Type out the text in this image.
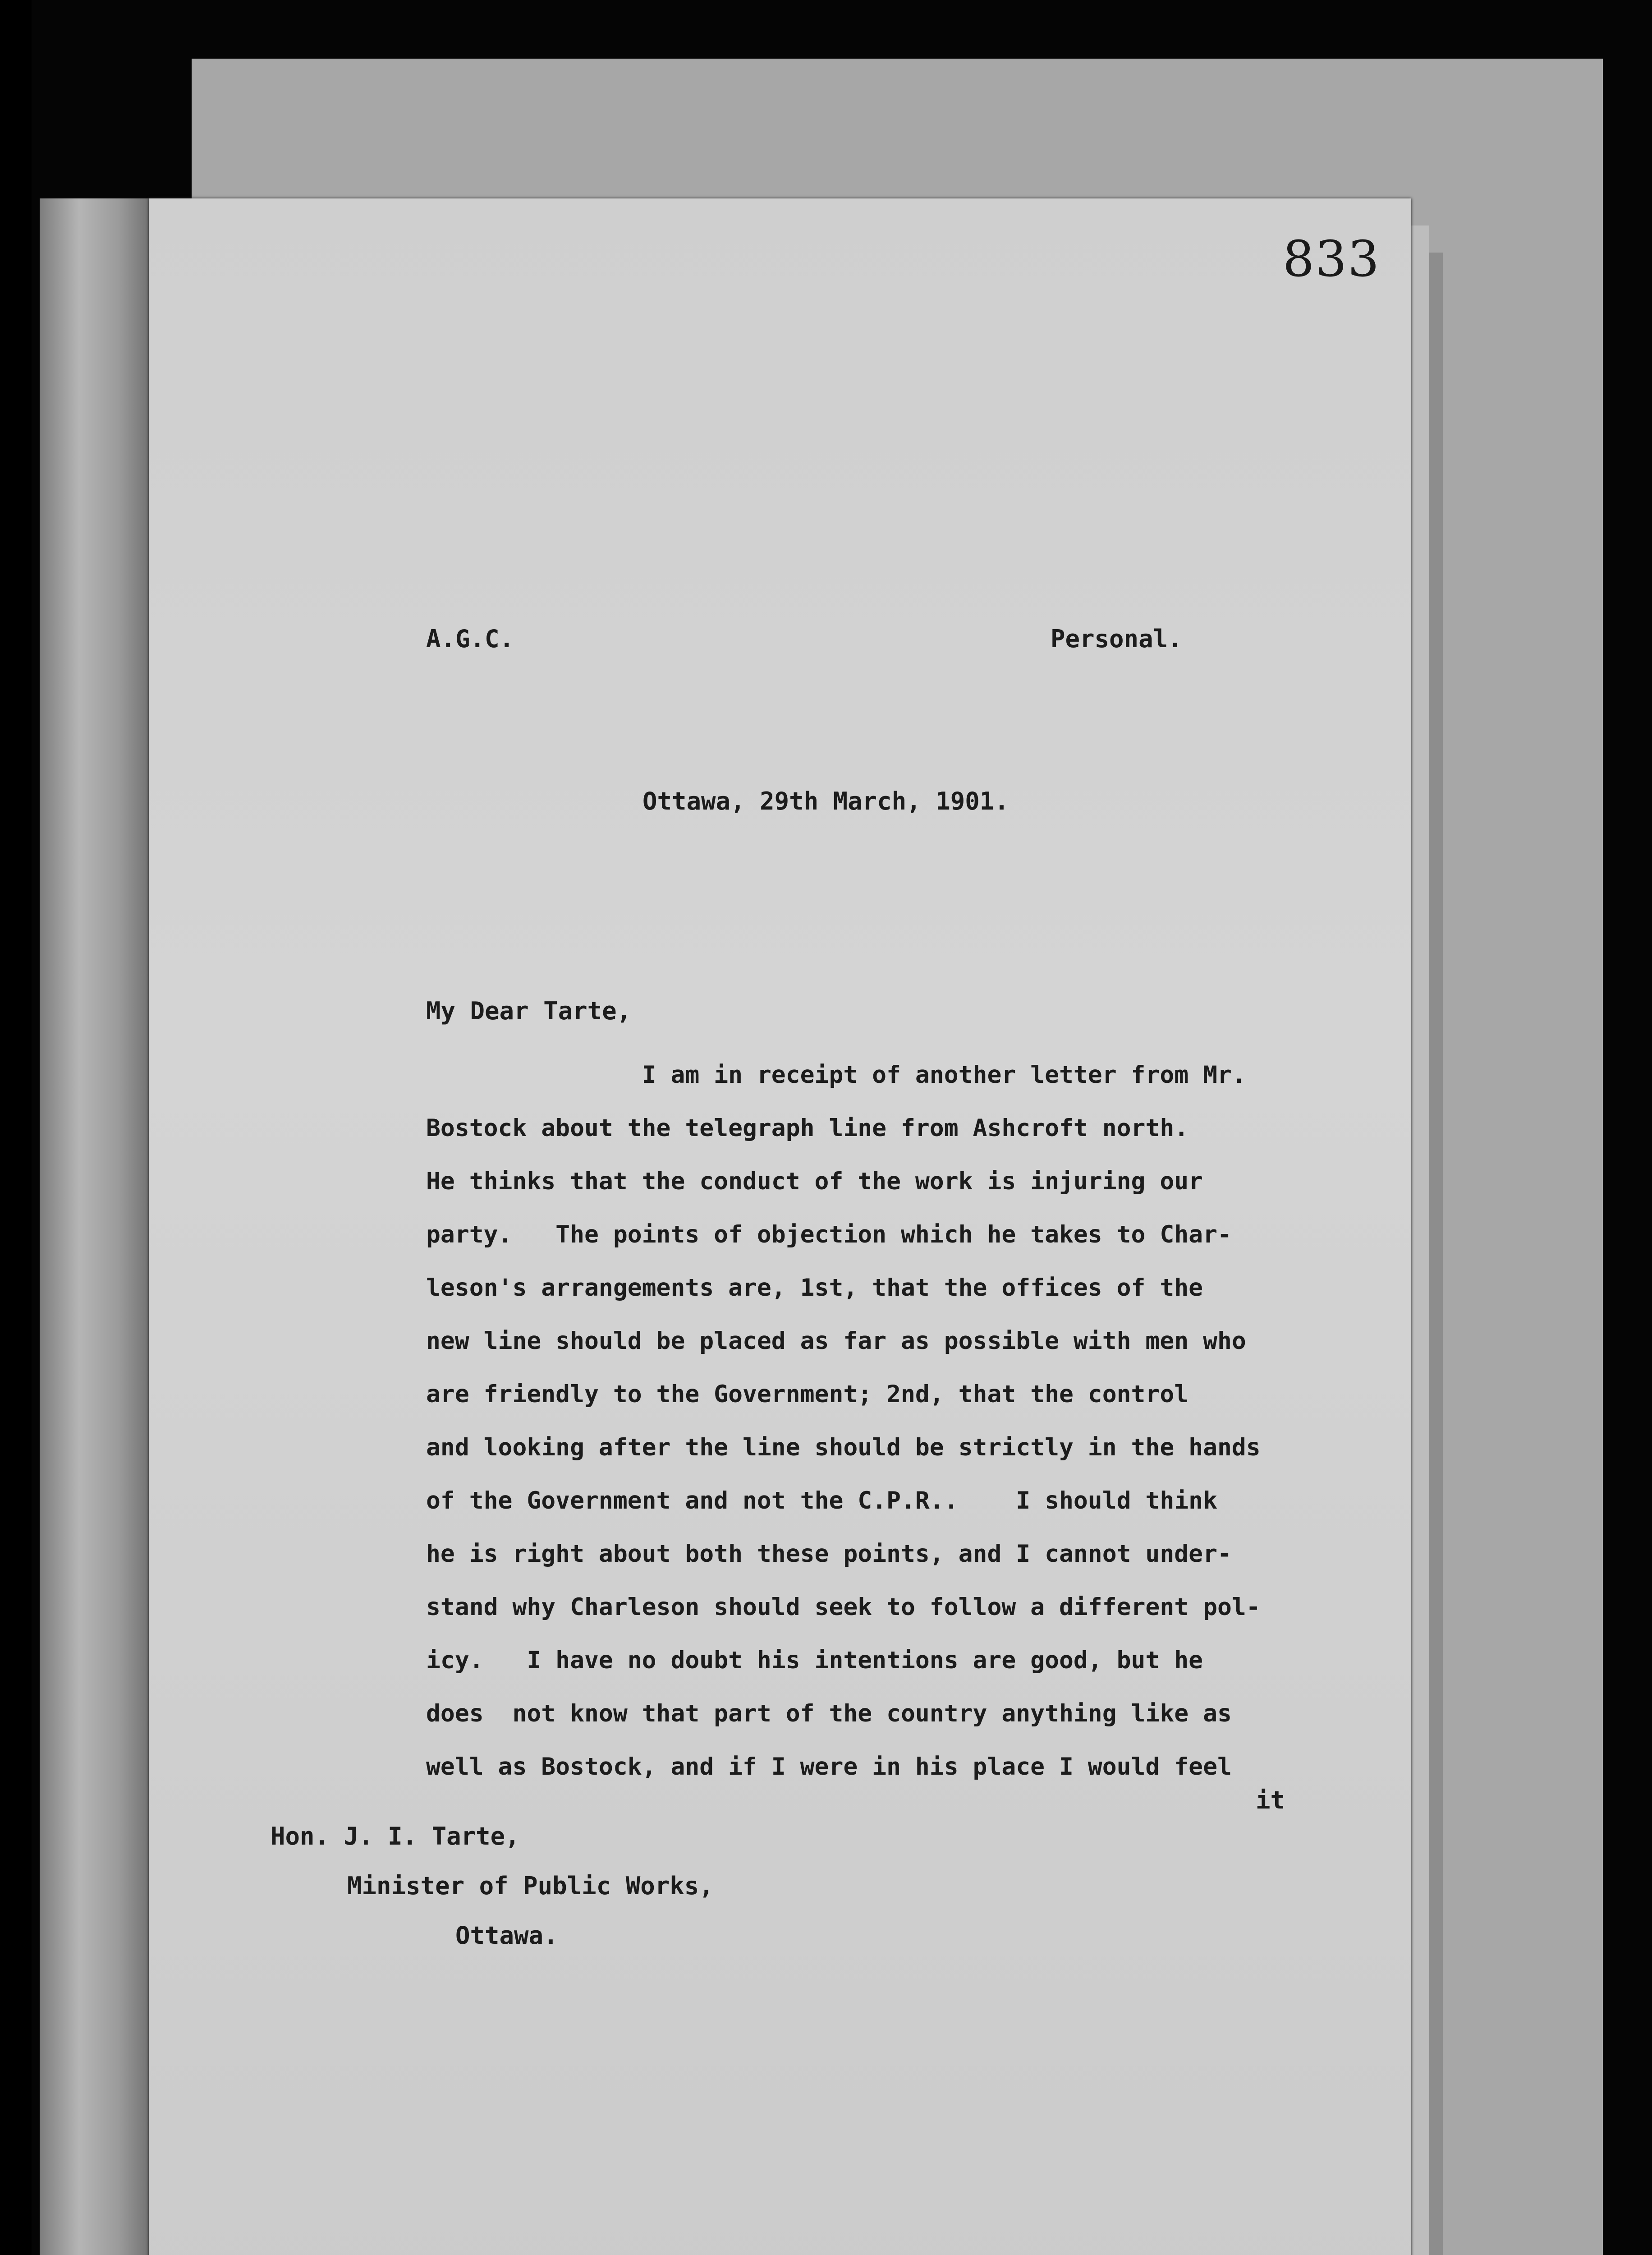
833
A.G.C.	Personal.
Ottawa, 29th March, 1901.
My Dear Tarte,
I am in receipt of another letter from Mr.
Bostock about the telegraph line from Ashcroft north.
He thinks that the conduct of the work is injuring our
party.   The points of objection which he takes to Char-
leson's arrangements are, 1st, that the offices of the
new line should be placed as far as possible with men who
are friendly to the Government; 2nd, that the control
and looking after the line should be strictly in the hands
of the Government and not the C.P.R..    I should think
he is right about both these points, and I cannot under-
stand why Charleson should seek to follow a different pol-
icy.   I have no doubt his intentions are good, but he
does  not know that part of the country anything like as
well as Bostock, and if I were in his place I would feel
it
Hon. J. I. Tarte,
Minister of Public Works,
Ottawa.
